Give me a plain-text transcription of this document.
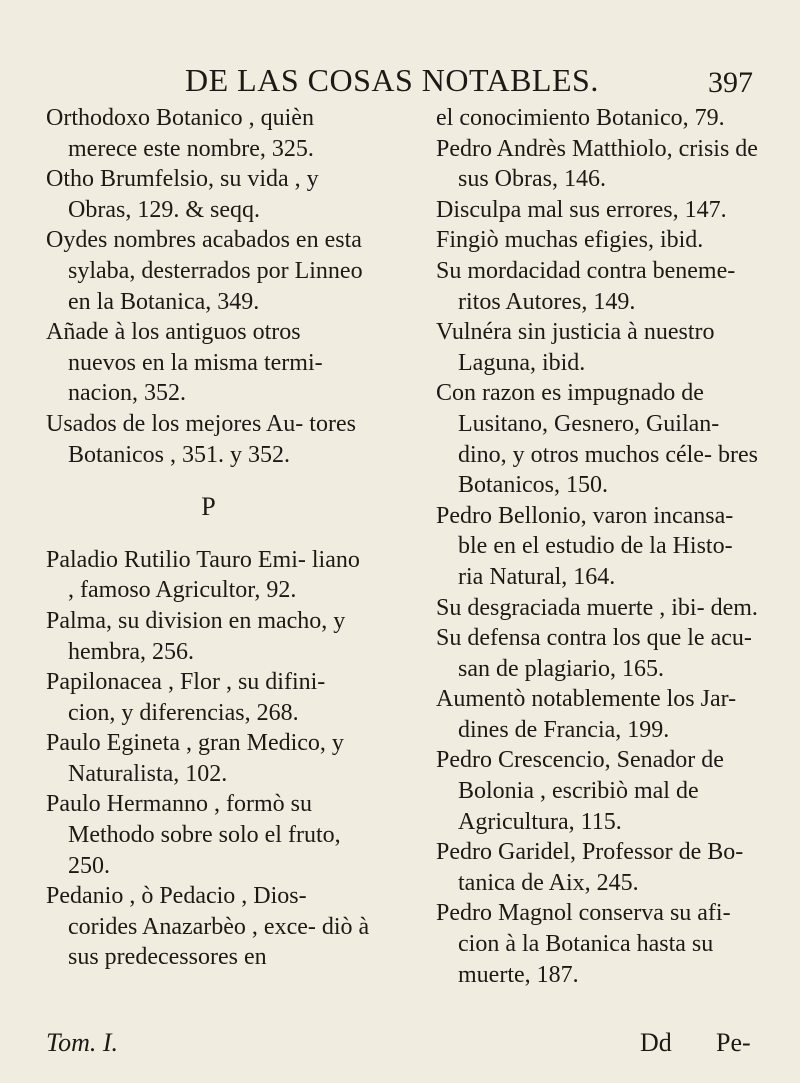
DE LAS COSAS NOTABLES.	397

Orthodoxo Botanico , quièn merece este nombre, 325.

Otho Brumfelsio, su vida , y Obras, 129. & seqq.

Oydes nombres acabados en esta sylaba, desterrados por Linneo en la Botanica, 349.

Añade à los antiguos otros nuevos en la misma termi- nacion, 352.

Usados de los mejores Au- tores Botanicos , 351. y 352.

P

Paladio Rutilio Tauro Emi- liano , famoso Agricultor, 92.

Palma, su division en macho, y hembra, 256.

Papilonacea , Flor , su difini- cion, y diferencias, 268.

Paulo Egineta , gran Medico, y Naturalista, 102.

Paulo Hermanno , formò su Methodo sobre solo el fruto, 250.

Pedanio , ò Pedacio , Dios- corides Anazarbèo , exce- diò à sus predecessores en

el conocimiento Botanico, 79.

Pedro Andrès Matthiolo, crisis de sus Obras, 146.

Disculpa mal sus errores, 147.

Fingiò muchas efigies, ibid.

Su mordacidad contra beneme- ritos Autores, 149.

Vulnéra sin justicia à nuestro Laguna, ibid.

Con razon es impugnado de Lusitano, Gesnero, Guilan- dino, y otros muchos céle- bres Botanicos, 150.

Pedro Bellonio, varon incansa- ble en el estudio de la Histo- ria Natural, 164.

Su desgraciada muerte , ibi- dem.

Su defensa contra los que le acu- san de plagiario, 165.

Aumentò notablemente los Jar- dines de Francia, 199.

Pedro Crescencio, Senador de Bolonia , escribiò mal de Agricultura, 115.

Pedro Garidel, Professor de Bo- tanica de Aix, 245.

Pedro Magnol conserva su afi- cion à la Botanica hasta su muerte, 187.

Tom. I.	Dd Pe-
